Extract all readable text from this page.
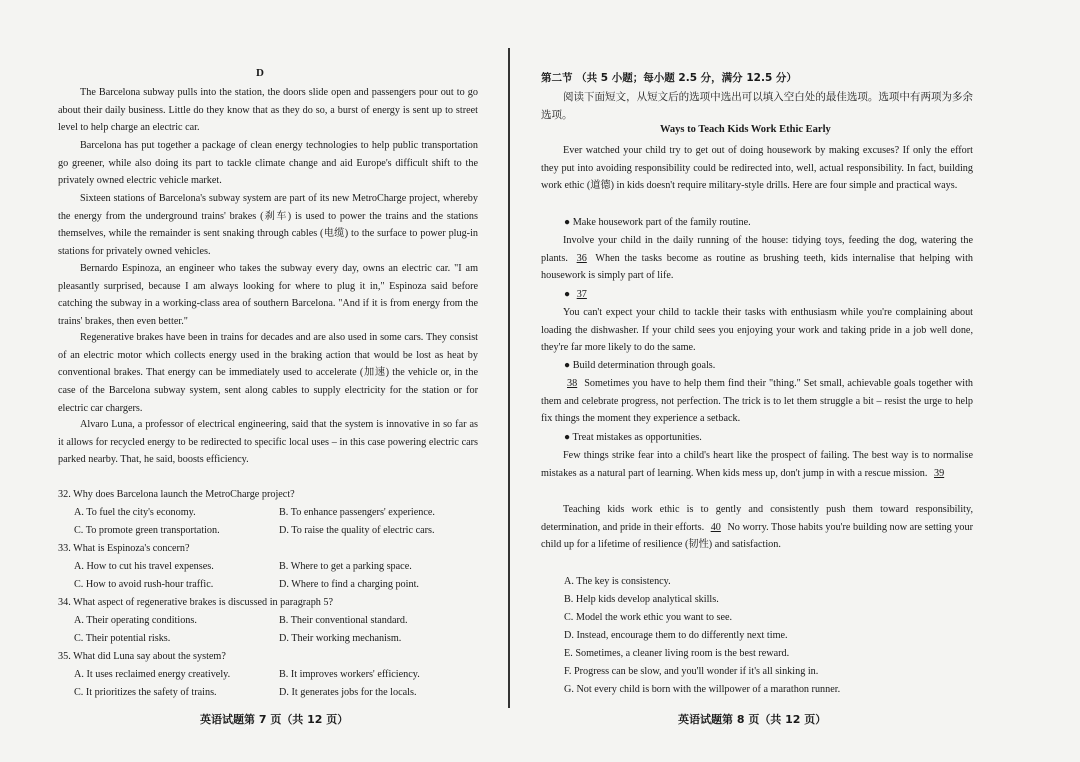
D

The Barcelona subway pulls into the station, the doors slide open and passengers pour out to go about their daily business. Little do they know that as they do so, a burst of energy is sent up to street level to help charge an electric car.

Barcelona has put together a package of clean energy technologies to help public transportation go greener, while also doing its part to tackle climate change and aid Europe's difficult shift to the privately owned electric vehicle market.

Sixteen stations of Barcelona's subway system are part of its new MetroCharge project, whereby the energy from the underground trains' brakes (刹车) is used to power the trains and the stations themselves, while the remainder is sent snaking through cables (电缆) to the surface to power plug-in stations for privately owned vehicles.

Bernardo Espinoza, an engineer who takes the subway every day, owns an electric car. "I am pleasantly surprised, because I am always looking for where to plug it in," Espinoza said before catching the subway in a working-class area of southern Barcelona. "And if it is from energy from the trains' brakes, then even better."

Regenerative brakes have been in trains for decades and are also used in some cars. They consist of an electric motor which collects energy used in the braking action that would be lost as heat by conventional brakes. That energy can be immediately used to accelerate (加速) the vehicle or, in the case of the Barcelona subway system, sent along cables to supply electricity for the station or for electric car chargers.

Alvaro Luna, a professor of electrical engineering, said that the system is innovative in so far as it allows for recycled energy to be redirected to specific local uses – in this case powering electric cars parked nearby. That, he said, boosts efficiency.

32. Why does Barcelona launch the MetroCharge project?
A. To fuel the city's economy.	B. To enhance passengers' experience.
C. To promote green transportation.	D. To raise the quality of electric cars.
33. What is Espinoza's concern?
A. How to cut his travel expenses.	B. Where to get a parking space.
C. How to avoid rush-hour traffic.	D. Where to find a charging point.
34. What aspect of regenerative brakes is discussed in paragraph 5?
A. Their operating conditions.	B. Their conventional standard.
C. Their potential risks.	D. Their working mechanism.
35. What did Luna say about the system?
A. It uses reclaimed energy creatively.	B. It improves workers' efficiency.
C. It prioritizes the safety of trains.	D. It generates jobs for the locals.
英语试题第 7 页（共 12 页）
第二节 （共 5 小题；每小题 2.5 分，满分 12.5 分）

阅读下面短文，从短文后的选项中选出可以填入空白处的最佳选项。选项中有两项为多余选项。

Ways to Teach Kids Work Ethic Early

Ever watched your child try to get out of doing housework by making excuses? If only the effort they put into avoiding responsibility could be redirected into, well, actual responsibility. In fact, building work ethic (道德) in kids doesn't require military-style drills. Here are four simple and practical ways.

● Make housework part of the family routine.

Involve your child in the daily running of the house: tidying toys, feeding the dog, watering the plants. 36 When the tasks become as routine as brushing teeth, kids internalise that helping with housework is simply part of life.

● 37

You can't expect your child to tackle their tasks with enthusiasm while you're complaining about loading the dishwasher. If your child sees you enjoying your work and taking pride in a job well done, they're far more likely to do the same.

● Build determination through goals.

38 Sometimes you have to help them find their "thing." Set small, achievable goals together with them and celebrate progress, not perfection. The trick is to let them struggle a bit – resist the urge to help fix things the moment they experience a setback.

● Treat mistakes as opportunities.

Few things strike fear into a child's heart like the prospect of failing. The best way is to normalise mistakes as a natural part of learning. When kids mess up, don't jump in with a rescue mission. 39

Teaching kids work ethic is to gently and consistently push them toward responsibility, determination, and pride in their efforts. 40 No worry. Those habits you're building now are setting your child up for a lifetime of resilience (韧性) and satisfaction.

A. The key is consistency.
B. Help kids develop analytical skills.
C. Model the work ethic you want to see.
D. Instead, encourage them to do differently next time.
E. Sometimes, a cleaner living room is the best reward.
F. Progress can be slow, and you'll wonder if it's all sinking in.
G. Not every child is born with the willpower of a marathon runner.
英语试题第 8 页（共 12 页）
